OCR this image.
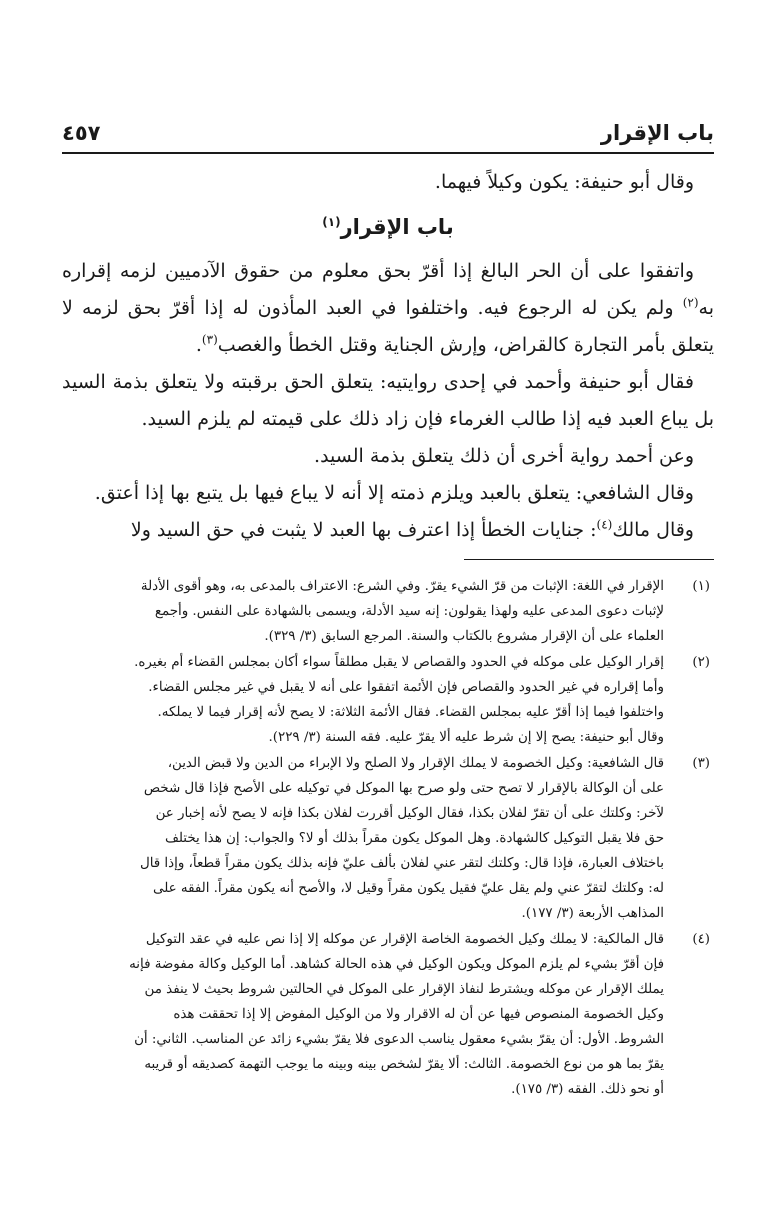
باب الإقرار
٤٥٧

وقال أبو حنيفة: يكون وكيلاً فيهما.

باب الإقرار$^{(١)}$

واتفقوا على أن الحر البالغ إذا أقرّ بحق معلوم من حقوق الآدميين لزمه إقراره به$^{(٢)}$ ولم يكن له الرجوع فيه. واختلفوا في العبد المأذون له إذا أقرّ بحق لزمه لا يتعلق بأمر التجارة كالقراض، وإرش الجناية وقتل الخطأ والغصب$^{(٣)}$.

فقال أبو حنيفة وأحمد في إحدى روايتيه: يتعلق الحق برقبته ولا يتعلق بذمة السيد بل يباع العبد فيه إذا طالب الغرماء فإن زاد ذلك على قيمته لم يلزم السيد.

وعن أحمد رواية أخرى أن ذلك يتعلق بذمة السيد.

وقال الشافعي: يتعلق بالعبد ويلزم ذمته إلا أنه لا يباع فيها بل يتبع بها إذا أعتق.

وقال مالك$^{(٤)}$: جنايات الخطأ إذا اعترف بها العبد لا يثبت في حق السيد ولا

(١)
الإقرار في اللغة: الإثبات من قرّ الشيء يقرّ. وفي الشرع: الاعتراف بالمدعى به، وهو أقوى الأدلة
لإثبات دعوى المدعى عليه ولهذا يقولون: إنه سيد الأدلة، ويسمى بالشهادة على النفس. وأجمع
العلماء على أن الإقرار مشروع بالكتاب والسنة. المرجع السابق (٣/ ٣٢٩).
(٢)
إقرار الوكيل على موكله في الحدود والقصاص لا يقبل مطلقاً سواء أكان بمجلس القضاء أم بغيره.
وأما إقراره في غير الحدود والقصاص فإن الأئمة اتفقوا على أنه لا يقبل في غير مجلس القضاء.
واختلفوا فيما إذا أقرّ عليه بمجلس القضاء. فقال الأئمة الثلاثة: لا يصح لأنه إقرار فيما لا يملكه.
وقال أبو حنيفة: يصح إلا إن شرط عليه ألا يقرّ عليه. فقه السنة (٣/ ٢٢٩).
(٣)
قال الشافعية: وكيل الخصومة لا يملك الإقرار ولا الصلح ولا الإبراء من الدين ولا قبض الدين،
على أن الوكالة بالإقرار لا تصح حتى ولو صرح بها الموكل في توكيله على الأصح فإذا قال شخص
لآخر: وكلتك على أن تقرّ لفلان بكذا، فقال الوكيل أقررت لفلان بكذا فإنه لا يصح لأنه إخبار عن
حق فلا يقبل التوكيل كالشهادة. وهل الموكل يكون مقراً بذلك أو لا؟ والجواب: إن هذا يختلف
باختلاف العبارة، فإذا قال: وكلتك لتقر عني لفلان بألف عليّ فإنه بذلك يكون مقراً قطعاً، وإذا قال
له: وكلتك لتقرّ عني ولم يقل عليّ فقيل يكون مقراً وقيل لا، والأصح أنه يكون مقراً. الفقه على
المذاهب الأربعة (٣/ ١٧٧).
(٤)
قال المالكية: لا يملك وكيل الخصومة الخاصة الإقرار عن موكله إلا إذا نص عليه في عقد التوكيل
فإن أقرّ بشيء لم يلزم الموكل ويكون الوكيل في هذه الحالة كشاهد. أما الوكيل وكالة مفوضة فإنه
يملك الإقرار عن موكله ويشترط لنفاذ الإقرار على الموكل في الحالتين شروط بحيث لا ينفذ من
وكيل الخصومة المنصوص فيها عن أن له الاقرار ولا من الوكيل المفوض إلا إذا تحققت هذه
الشروط. الأول: أن يقرّ بشيء معقول يناسب الدعوى فلا يقرّ بشيء زائد عن المناسب. الثاني: أن
يقرّ بما هو من نوع الخصومة. الثالث: ألا يقرّ لشخص بينه وبينه ما يوجب التهمة كصديقه أو قريبه
أو نحو ذلك. الفقه (٣/ ١٧٥).
